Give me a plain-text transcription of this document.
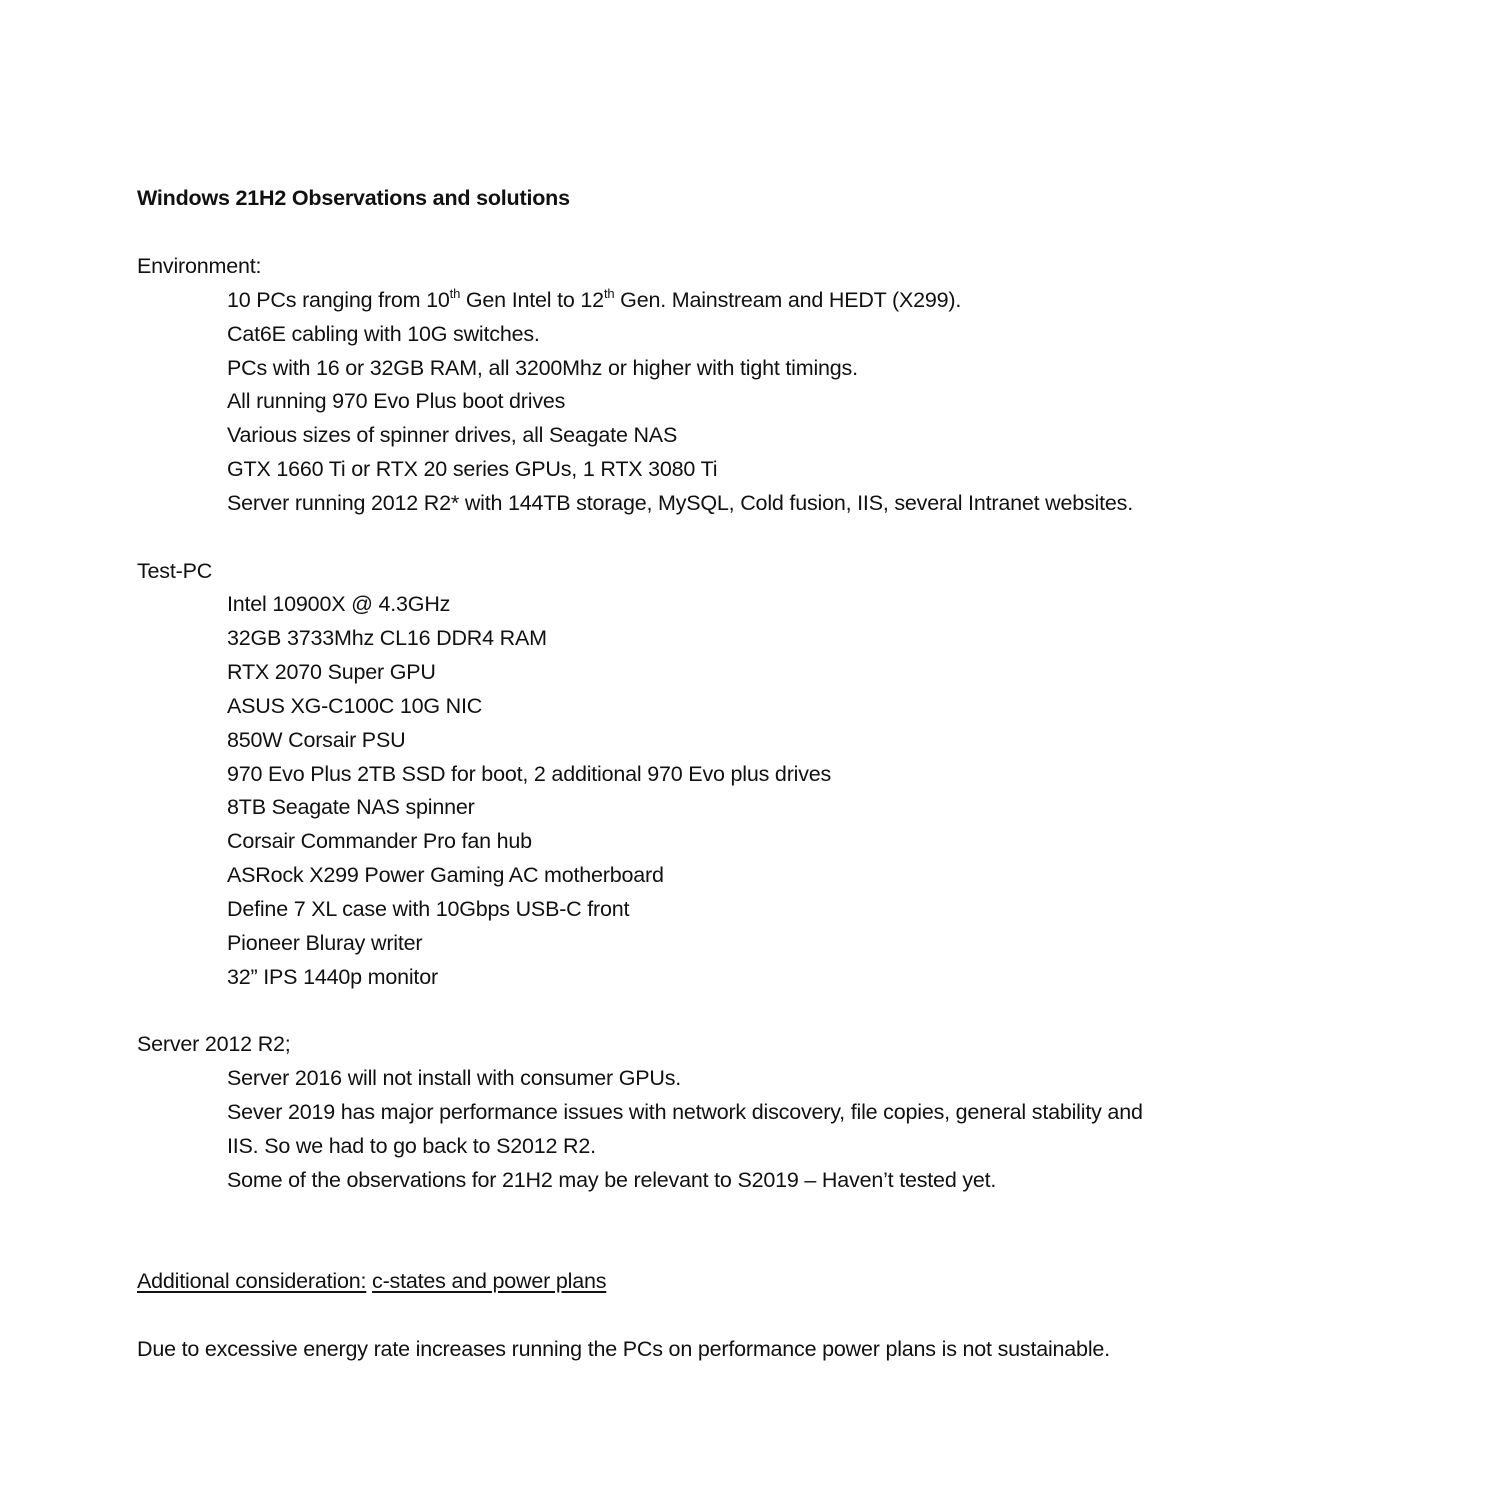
Windows 21H2 Observations and solutions
Environment:
10 PCs ranging from 10th Gen Intel to 12th Gen. Mainstream and HEDT (X299).
Cat6E cabling with 10G switches.
PCs with 16 or 32GB RAM, all 3200Mhz or higher with tight timings.
All running 970 Evo Plus boot drives
Various sizes of spinner drives, all Seagate NAS
GTX 1660 Ti or RTX 20 series GPUs, 1 RTX 3080 Ti
Server running 2012 R2* with 144TB storage, MySQL, Cold fusion, IIS, several Intranet websites.
Test-PC
Intel 10900X @ 4.3GHz
32GB 3733Mhz CL16 DDR4 RAM
RTX 2070 Super GPU
ASUS XG-C100C 10G NIC
850W Corsair PSU
970 Evo Plus 2TB SSD for boot, 2 additional 970 Evo plus drives
8TB Seagate NAS spinner
Corsair Commander Pro fan hub
ASRock X299 Power Gaming AC motherboard
Define 7 XL case with 10Gbps USB-C front
Pioneer Bluray writer
32” IPS 1440p monitor
Server 2012 R2;
Server 2016 will not install with consumer GPUs.
Sever 2019 has major performance issues with network discovery, file copies, general stability and
IIS. So we had to go back to S2012 R2.
Some of the observations for 21H2 may be relevant to S2019 – Haven’t tested yet.
Additional consideration: c-states and power plans
Due to excessive energy rate increases running the PCs on performance power plans is not sustainable.
